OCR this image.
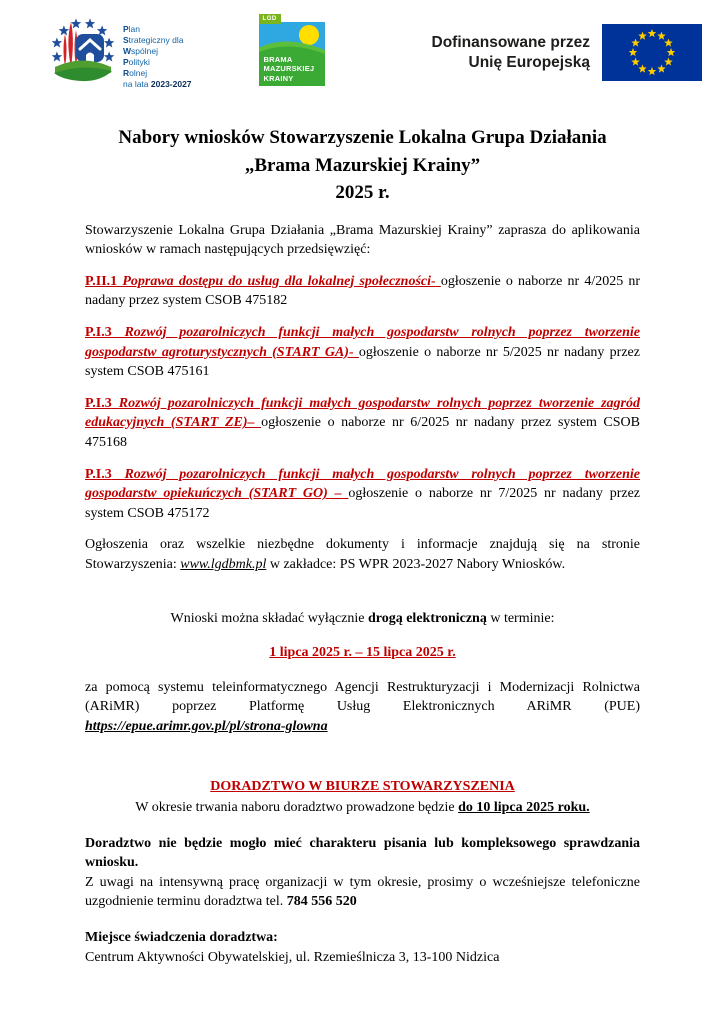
Plan
Strategiczny dla
Wspólnej
Polityki
Rolnej
na lata 2023-2027
LGD
BRAMA
MAZURSKIEJ
KRAINY
Dofinansowane przez
Unię Europejską
Nabory wniosków Stowarzyszenie Lokalna Grupa Działania
„Brama Mazurskiej Krainy”
2025 r.

Stowarzyszenie Lokalna Grupa Działania „Brama Mazurskiej Krainy” zaprasza do aplikowania wniosków w ramach następujących przedsięwzięć:

P.II.1 Poprawa dostępu do usług dla lokalnej społeczności- ogłoszenie o naborze nr 4/2025 nr nadany przez system CSOB 475182

P.I.3 Rozwój pozarolniczych funkcji małych gospodarstw rolnych poprzez tworzenie gospodarstw agroturystycznych (START GA)- ogłoszenie o naborze nr 5/2025 nr nadany przez system CSOB 475161

P.I.3 Rozwój pozarolniczych funkcji małych gospodarstw rolnych poprzez tworzenie zagród edukacyjnych (START ZE)– ogłoszenie o naborze nr 6/2025 nr nadany przez system CSOB 475168

P.I.3 Rozwój pozarolniczych funkcji małych gospodarstw rolnych poprzez tworzenie gospodarstw opiekuńczych (START GO) – ogłoszenie o naborze nr 7/2025 nr nadany przez system CSOB 475172

Ogłoszenia oraz wszelkie niezbędne dokumenty i informacje znajdują się na stronie Stowarzyszenia: www.lgdbmk.pl w zakładce: PS WPR 2023-2027 Nabory Wniosków.

Wnioski można składać wyłącznie drogą elektroniczną w terminie:

1 lipca 2025 r. – 15 lipca 2025 r.

za pomocą systemu teleinformatycznego Agencji Restrukturyzacji i Modernizacji Rolnictwa (ARiMR) poprzez Platformę Usług Elektronicznych ARiMR (PUE) https://epue.arimr.gov.pl/pl/strona-glowna

DORADZTWO W BIURZE STOWARZYSZENIA

W okresie trwania naboru doradztwo prowadzone będzie do 10 lipca 2025 roku.

Doradztwo nie będzie mogło mieć charakteru pisania lub kompleksowego sprawdzania wniosku.

Z uwagi na intensywną pracę organizacji w tym okresie, prosimy o wcześniejsze telefoniczne uzgodnienie terminu doradztwa tel. 784 556 520

Miejsce świadczenia doradztwa:

Centrum Aktywności Obywatelskiej, ul. Rzemieślnicza 3, 13-100 Nidzica
